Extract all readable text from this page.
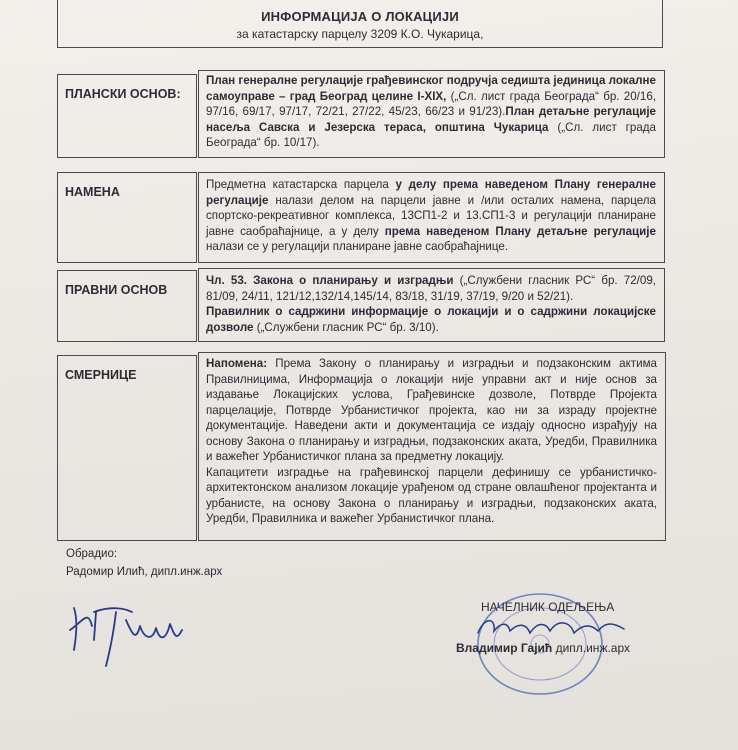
ИНФОРМАЦИЈА О ЛОКАЦИЈИ
за катастарску парцелу 3209 К.О. Чукарица,
ПЛАНСКИ ОСНОВ:

План генералне регулације грађевинског подручја седишта јединица локалне самоуправе – град Београд целине I-XIX, („Сл. лист града Београда“ бр. 20/16, 97/16, 69/17, 97/17, 72/21, 27/22, 45/23, 66/23 и 91/23).План детаљне регулације насеља Савска и Језерска тераса, општина Чукарица („Сл. лист града Београда“ бр. 10/17).

НАМЕНА

Предметна катастарска парцела у делу према наведеном Плану генералне регулације налази делом на парцели јавне и /или осталих намена, парцела спортско-рекреативног комплекса, 13СП1-2 и 13.СП1-3 и регулацији планиране јавне саобраћајнице, а у делу према наведеном Плану детаљне регулације налази се у регулацији планиране јавне саобраћајнице.

ПРАВНИ ОСНОВ

Чл. 53. Закона о планирању и изградњи („Службени гласник РС“ бр. 72/09, 81/09, 24/11, 121/12,132/14,145/14, 83/18, 31/19, 37/19, 9/20 и 52/21).

Правилник о садржини информације о локацији и о садржини локацијске дозволе („Службени гласник РС“ бр. 3/10).

СМЕРНИЦЕ

Напомена: Према Закону о планирању и изградњи и подзаконским актима Правилницима, Информација о локацији није управни акт и није основ за издавање Локацијских услова, Грађевинске дозволе, Потврде Пројекта парцелације, Потврде Урбанистичког пројекта, као ни за израду пројектне документације. Наведени акти и документација се издају односно израђују на основу Закона о планирању и изградњи, подзаконских аката, Уредби, Правилника и важећег Урбанистичког плана за предметну локацију.

Капацитети изградње на грађевинској парцели дефинишу се урбанистичко-архитектонском анализом локације урађеном од стране овлашћеног пројектанта и урбанисте, на основу Закона о планирању и изградњи, подзаконских аката, Уредби, Правилника и важећег Урбанистичког плана.

Обрадио:
Радомир Илић, дипл.инж.арх
НАЧЕЛНИК ОДЕЉЕЊА
Владимир Гајић дипл.инж.арх
